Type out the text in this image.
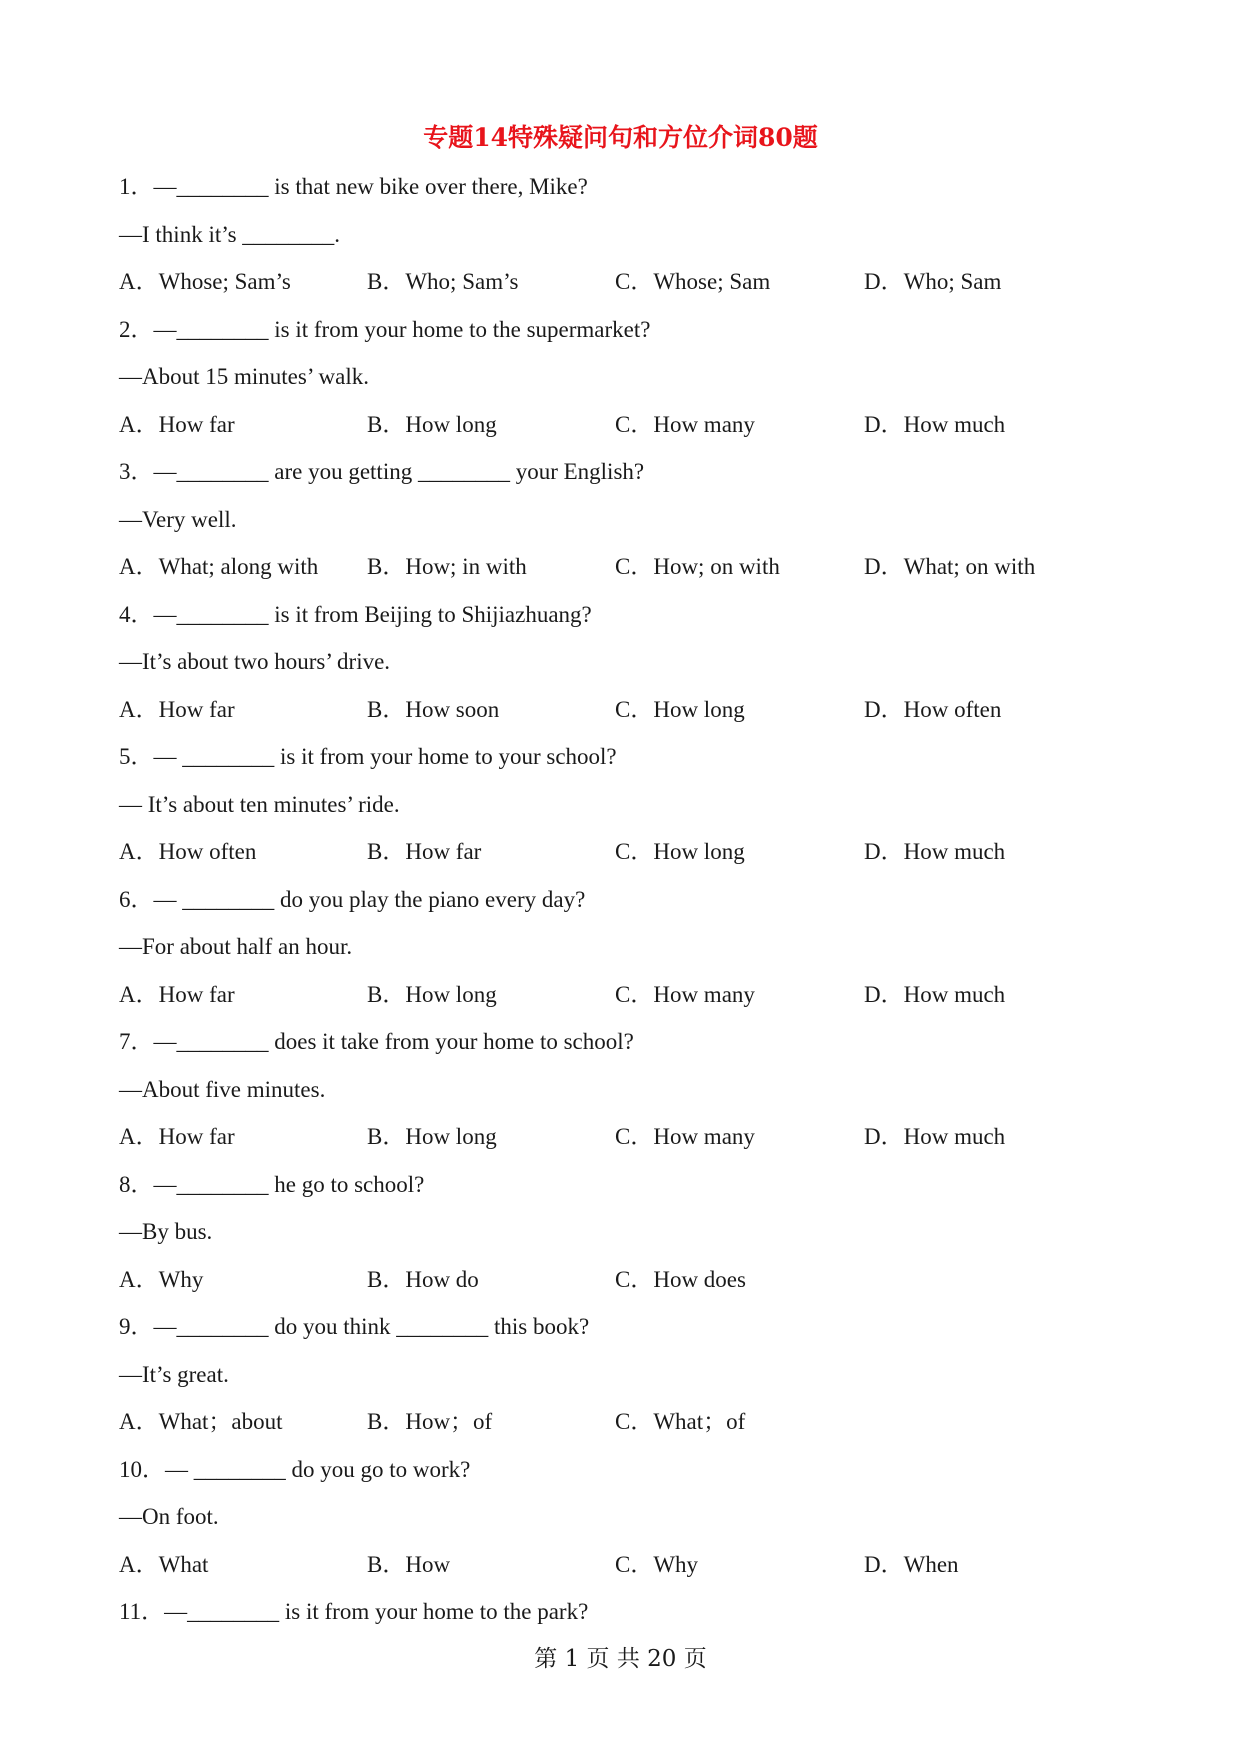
专题14特殊疑问句和方位介词80题
1．—________ is that new bike over there, Mike?
—I think it’s ________.
A．Whose; Sam’s	B．Who; Sam’s	C．Whose; Sam	D．Who; Sam
2．—________ is it from your home to the supermarket?
—About 15 minutes’ walk.
A．How far	B．How long	C．How many	D．How much
3．—________ are you getting ________ your English?
—Very well.
A．What; along with	B．How; in with	C．How; on with	D．What; on with
4．—________ is it from Beijing to Shijiazhuang?
—It’s about two hours’ drive.
A．How far	B．How soon	C．How long	D．How often
5．— ________ is it from your home to your school?
— It’s about ten minutes’ ride.
A．How often	B．How far	C．How long	D．How much
6．— ________ do you play the piano every day?
—For about half an hour.
A．How far	B．How long	C．How many	D．How much
7．—________ does it take from your home to school?
—About five minutes.
A．How far	B．How long	C．How many	D．How much
8．—________ he go to school?
—By bus.
A．Why	B．How do	C．How does
9．—________ do you think ________ this book?
—It’s great.
A．What；about	B．How；of	C．What；of
10．— ________ do you go to work?
—On foot.
A．What	B．How	C．Why	D．When
11．—________ is it from your home to the park?
第 1 页 共 20 页
